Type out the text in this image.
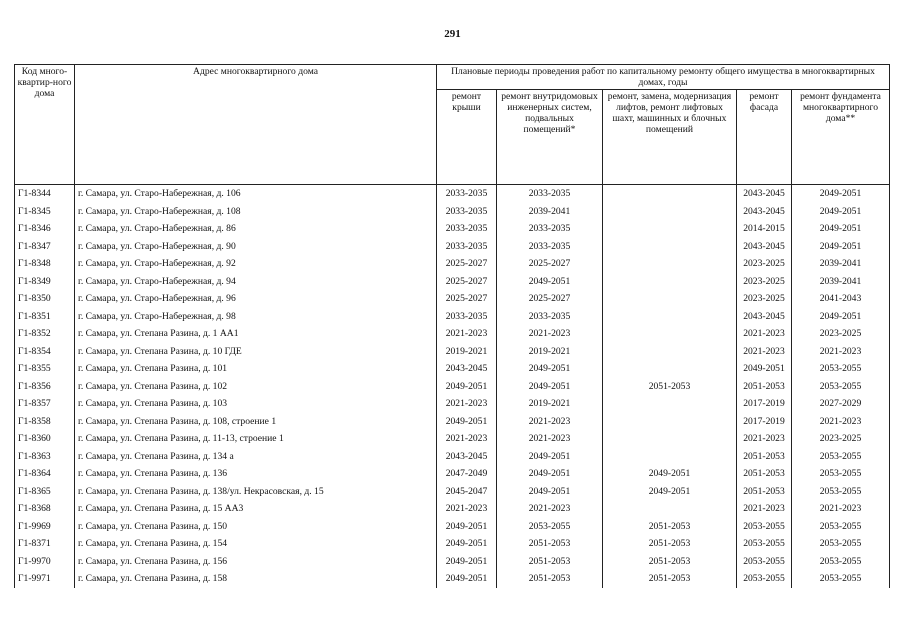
291
Код много-квартир-ного дома	Адрес многоквартирного дома	Плановые периоды проведения работ по капитальному ремонту общего имущества в многоквартирных домах, годы				
		ремонт крыши	ремонт внутридомовых инженерных систем, подвальных помещений*	ремонт, замена, модернизация лифтов, ремонт лифтовых шахт, машинных и блочных помещений	ремонт фасада	ремонт фундамента многоквартирного дома**
Г1-8344	г. Самара, ул. Старо-Набережная, д. 106	2033-2035	2033-2035		2043-2045	2049-2051
Г1-8345	г. Самара, ул. Старо-Набережная, д. 108	2033-2035	2039-2041		2043-2045	2049-2051
Г1-8346	г. Самара, ул. Старо-Набережная, д. 86	2033-2035	2033-2035		2014-2015	2049-2051
Г1-8347	г. Самара, ул. Старо-Набережная, д. 90	2033-2035	2033-2035		2043-2045	2049-2051
Г1-8348	г. Самара, ул. Старо-Набережная, д. 92	2025-2027	2025-2027		2023-2025	2039-2041
Г1-8349	г. Самара, ул. Старо-Набережная, д. 94	2025-2027	2049-2051		2023-2025	2039-2041
Г1-8350	г. Самара, ул. Старо-Набережная, д. 96	2025-2027	2025-2027		2023-2025	2041-2043
Г1-8351	г. Самара, ул. Старо-Набережная, д. 98	2033-2035	2033-2035		2043-2045	2049-2051
Г1-8352	г. Самара, ул. Степана Разина, д. 1 АА1	2021-2023	2021-2023		2021-2023	2023-2025
Г1-8354	г. Самара, ул. Степана Разина, д. 10 ГДЕ	2019-2021	2019-2021		2021-2023	2021-2023
Г1-8355	г. Самара, ул. Степана Разина, д. 101	2043-2045	2049-2051		2049-2051	2053-2055
Г1-8356	г. Самара, ул. Степана Разина, д. 102	2049-2051	2049-2051	2051-2053	2051-2053	2053-2055
Г1-8357	г. Самара, ул. Степана Разина, д. 103	2021-2023	2019-2021		2017-2019	2027-2029
Г1-8358	г. Самара, ул. Степана Разина, д. 108, строение 1	2049-2051	2021-2023		2017-2019	2021-2023
Г1-8360	г. Самара, ул. Степана Разина, д. 11-13, строение 1	2021-2023	2021-2023		2021-2023	2023-2025
Г1-8363	г. Самара, ул. Степана Разина, д. 134 а	2043-2045	2049-2051		2051-2053	2053-2055
Г1-8364	г. Самара, ул. Степана Разина, д. 136	2047-2049	2049-2051	2049-2051	2051-2053	2053-2055
Г1-8365	г. Самара, ул. Степана Разина, д. 138/ул. Некрасовская, д. 15	2045-2047	2049-2051	2049-2051	2051-2053	2053-2055
Г1-8368	г. Самара, ул. Степана Разина, д. 15 АА3	2021-2023	2021-2023		2021-2023	2021-2023
Г1-9969	г. Самара, ул. Степана Разина, д. 150	2049-2051	2053-2055	2051-2053	2053-2055	2053-2055
Г1-8371	г. Самара, ул. Степана Разина, д. 154	2049-2051	2051-2053	2051-2053	2053-2055	2053-2055
Г1-9970	г. Самара, ул. Степана Разина, д. 156	2049-2051	2051-2053	2051-2053	2053-2055	2053-2055
Г1-9971	г. Самара, ул. Степана Разина, д. 158	2049-2051	2051-2053	2051-2053	2053-2055	2053-2055
